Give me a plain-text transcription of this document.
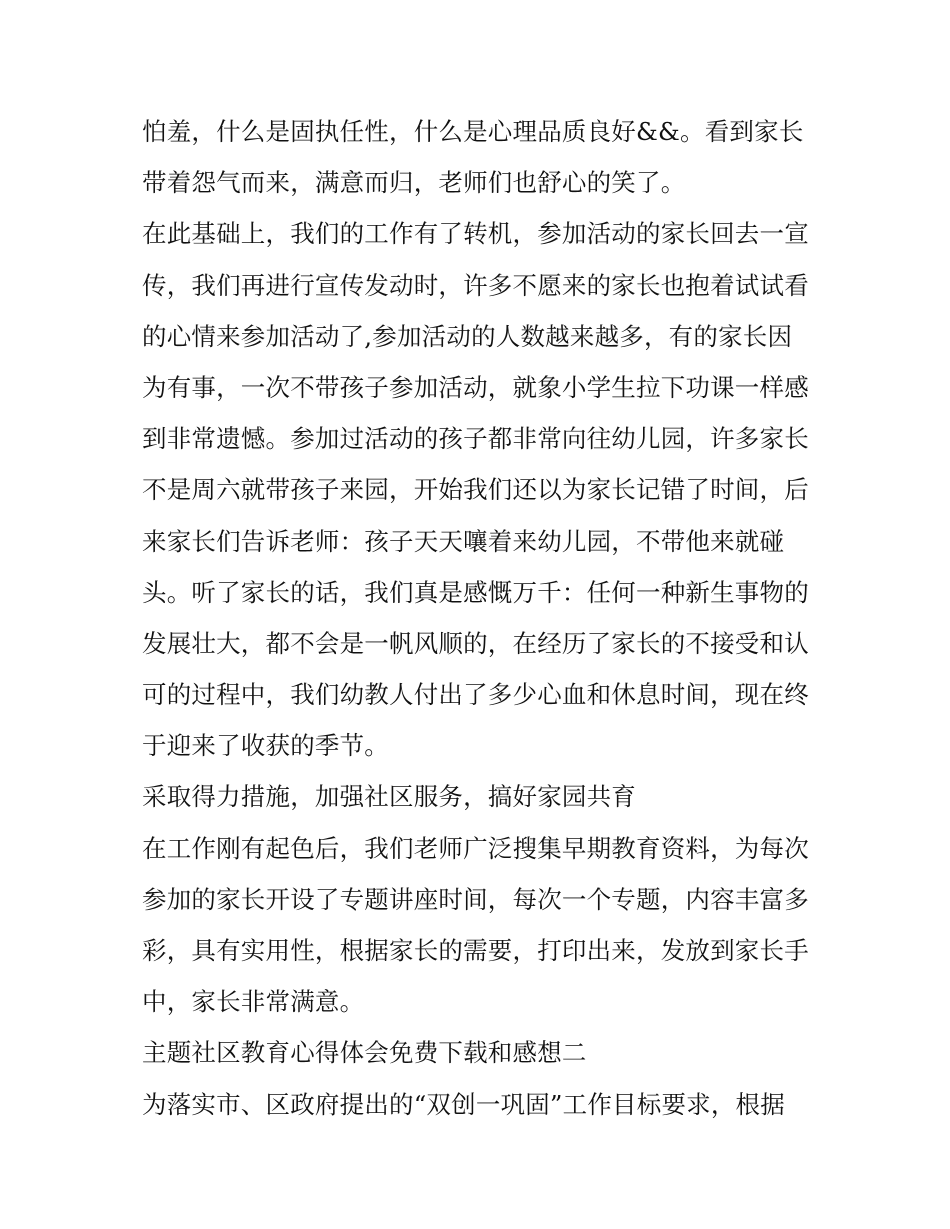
怕羞，什么是固执任性，什么是心理品质良好&&。看到家长
带着怨气而来，满意而归，老师们也舒心的笑了。
在此基础上，我们的工作有了转机，参加活动的家长回去一宣
传，我们再进行宣传发动时，许多不愿来的家长也抱着试试看
的心情来参加活动了,参加活动的人数越来越多，有的家长因
为有事，一次不带孩子参加活动，就象小学生拉下功课一样感
到非常遗憾。参加过活动的孩子都非常向往幼儿园，许多家长
不是周六就带孩子来园，开始我们还以为家长记错了时间，后
来家长们告诉老师：孩子天天嚷着来幼儿园，不带他来就碰
头。听了家长的话，我们真是感慨万千：任何一种新生事物的
发展壮大，都不会是一帆风顺的，在经历了家长的不接受和认
可的过程中，我们幼教人付出了多少心血和休息时间，现在终
于迎来了收获的季节。
采取得力措施，加强社区服务，搞好家园共育
在工作刚有起色后，我们老师广泛搜集早期教育资料，为每次
参加的家长开设了专题讲座时间，每次一个专题，内容丰富多
彩，具有实用性，根据家长的需要，打印出来，发放到家长手
中，家长非常满意。
主题社区教育心得体会免费下载和感想二
为落实市、区政府提出的“双创一巩固”工作目标要求，根据
